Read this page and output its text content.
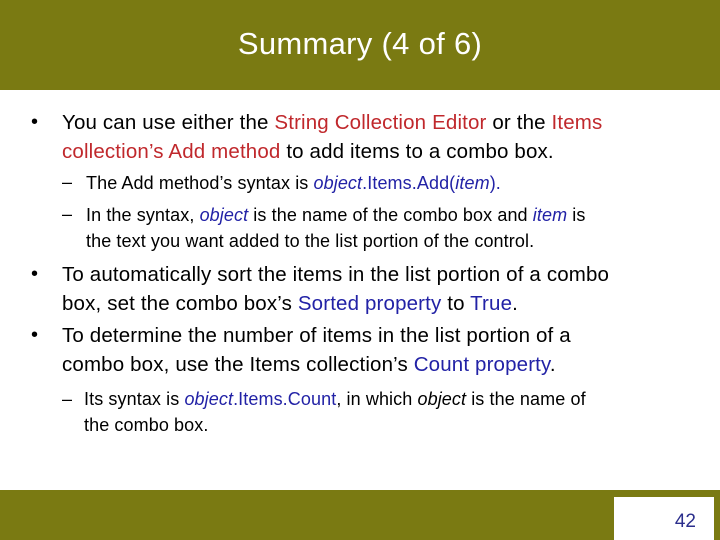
Summary (4 of 6)
• You can use either the String Collection Editor or the Items
collection’s Add method to add items to a combo box.
– The Add method’s syntax is object.Items.Add(item).
– In the syntax, object is the name of the combo box and item is
the text you want added to the list portion of the control.
• To automatically sort the items in the list portion of a combo
box, set the combo box’s Sorted property to True.
• To determine the number of items in the list portion of a
combo box, use the Items collection’s Count property.
– Its syntax is object.Items.Count, in which object is the name of
the combo box.
42
